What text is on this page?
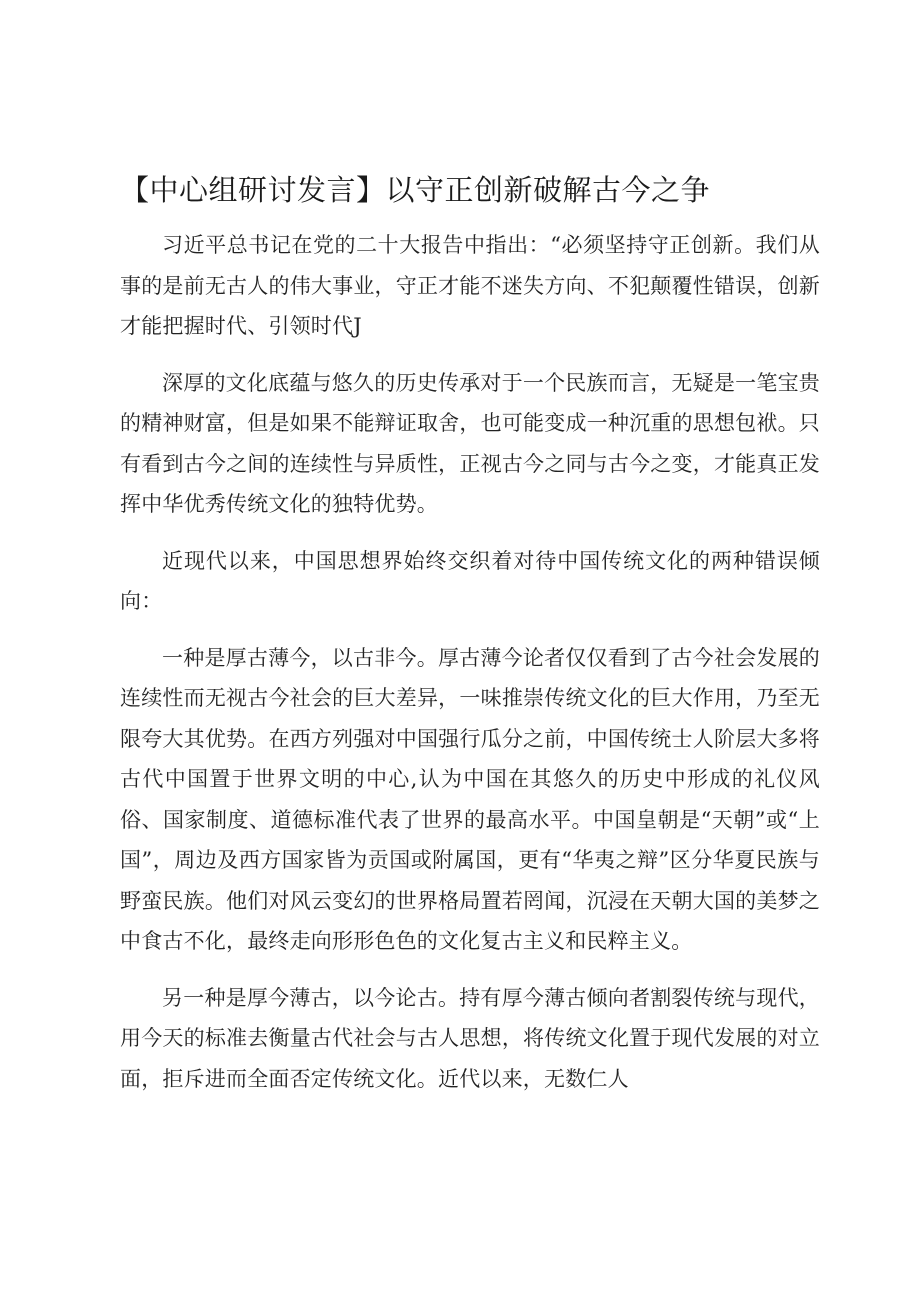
【中心组研讨发言】以守正创新破解古今之争

习近平总书记在党的二十大报告中指出：“必须坚持守正创新。我们从事的是前无古人的伟大事业，守正才能不迷失方向、不犯颠覆性错误，创新才能把握时代、引领时代J

深厚的文化底蕴与悠久的历史传承对于一个民族而言，无疑是一笔宝贵的精神财富，但是如果不能辩证取舍，也可能变成一种沉重的思想包袱。只有看到古今之间的连续性与异质性，正视古今之同与古今之变，才能真正发挥中华优秀传统文化的独特优势。

近现代以来，中国思想界始终交织着对待中国传统文化的两种错误倾向：

一种是厚古薄今，以古非今。厚古薄今论者仅仅看到了古今社会发展的连续性而无视古今社会的巨大差异，一味推崇传统文化的巨大作用，乃至无限夸大其优势。在西方列强对中国强行瓜分之前，中国传统士人阶层大多将古代中国置于世界文明的中心,认为中国在其悠久的历史中形成的礼仪风俗、国家制度、道德标准代表了世界的最高水平。中国皇朝是“天朝”或“上国”，周边及西方国家皆为贡国或附属国，更有“华夷之辩”区分华夏民族与野蛮民族。他们对风云变幻的世界格局置若罔闻，沉浸在天朝大国的美梦之中食古不化，最终走向形形色色的文化复古主义和民粹主义。

另一种是厚今薄古，以今论古。持有厚今薄古倾向者割裂传统与现代，用今天的标准去衡量古代社会与古人思想，将传统文化置于现代发展的对立面，拒斥进而全面否定传统文化。近代以来，无数仁人
